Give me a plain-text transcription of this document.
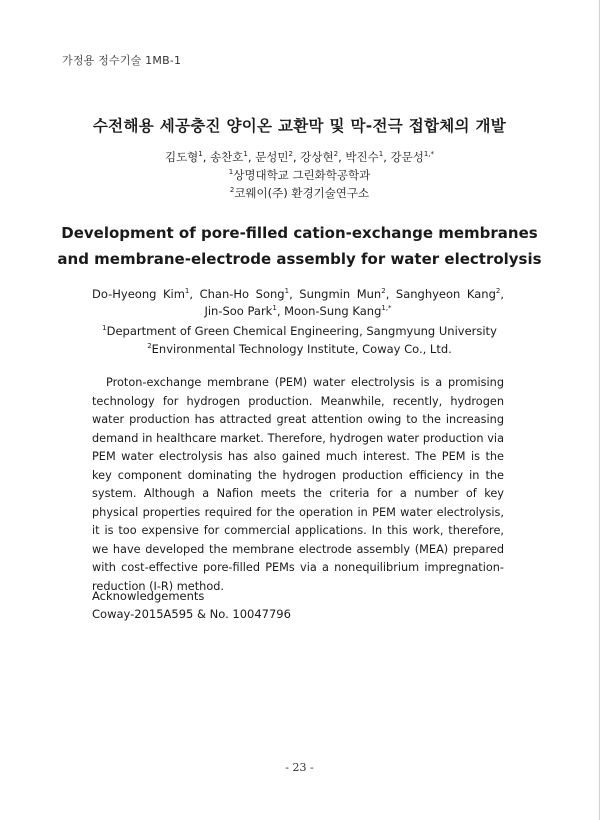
가정용 정수기술 1MB-1
수전해용 세공충진 양이온 교환막 및 막-전극 접합체의 개발
김도형$^1$, 송찬호$^1$, 문성민$^2$, 강상현$^2$, 박진수$^1$, 강문성$^{1,*}$
$^1$상명대학교 그린화학공학과
$^2$코웨이(주) 환경기술연구소
Development of pore-filled cation-exchange membranes
and membrane-electrode assembly for water electrolysis
Do-Hyeong Kim$^1$, Chan-Ho Song$^1$, Sungmin Mun$^2$, Sanghyeon Kang$^2$, Jin-Soo Park$^1$, Moon-Sung Kang$^{1,*}$
$^1$Department of Green Chemical Engineering, Sangmyung University
$^2$Environmental Technology Institute, Coway Co., Ltd.

Proton-exchange membrane (PEM) water electrolysis is a promising technology for hydrogen production. Meanwhile, recently, hydrogen water production has attracted great attention owing to the increasing demand in healthcare market. Therefore, hydrogen water production via PEM water electrolysis has also gained much interest. The PEM is the key component dominating the hydrogen production efficiency in the system. Although a Nafion meets the criteria for a number of key physical properties required for the operation in PEM water electrolysis, it is too expensive for commercial applications. In this work, therefore, we have developed the membrane electrode assembly (MEA) prepared with cost-effective pore-filled PEMs via a nonequilibrium impregnation-reduction (I-R) method.

Acknowledgements
Coway-2015A595 & No. 10047796
- 23 -
